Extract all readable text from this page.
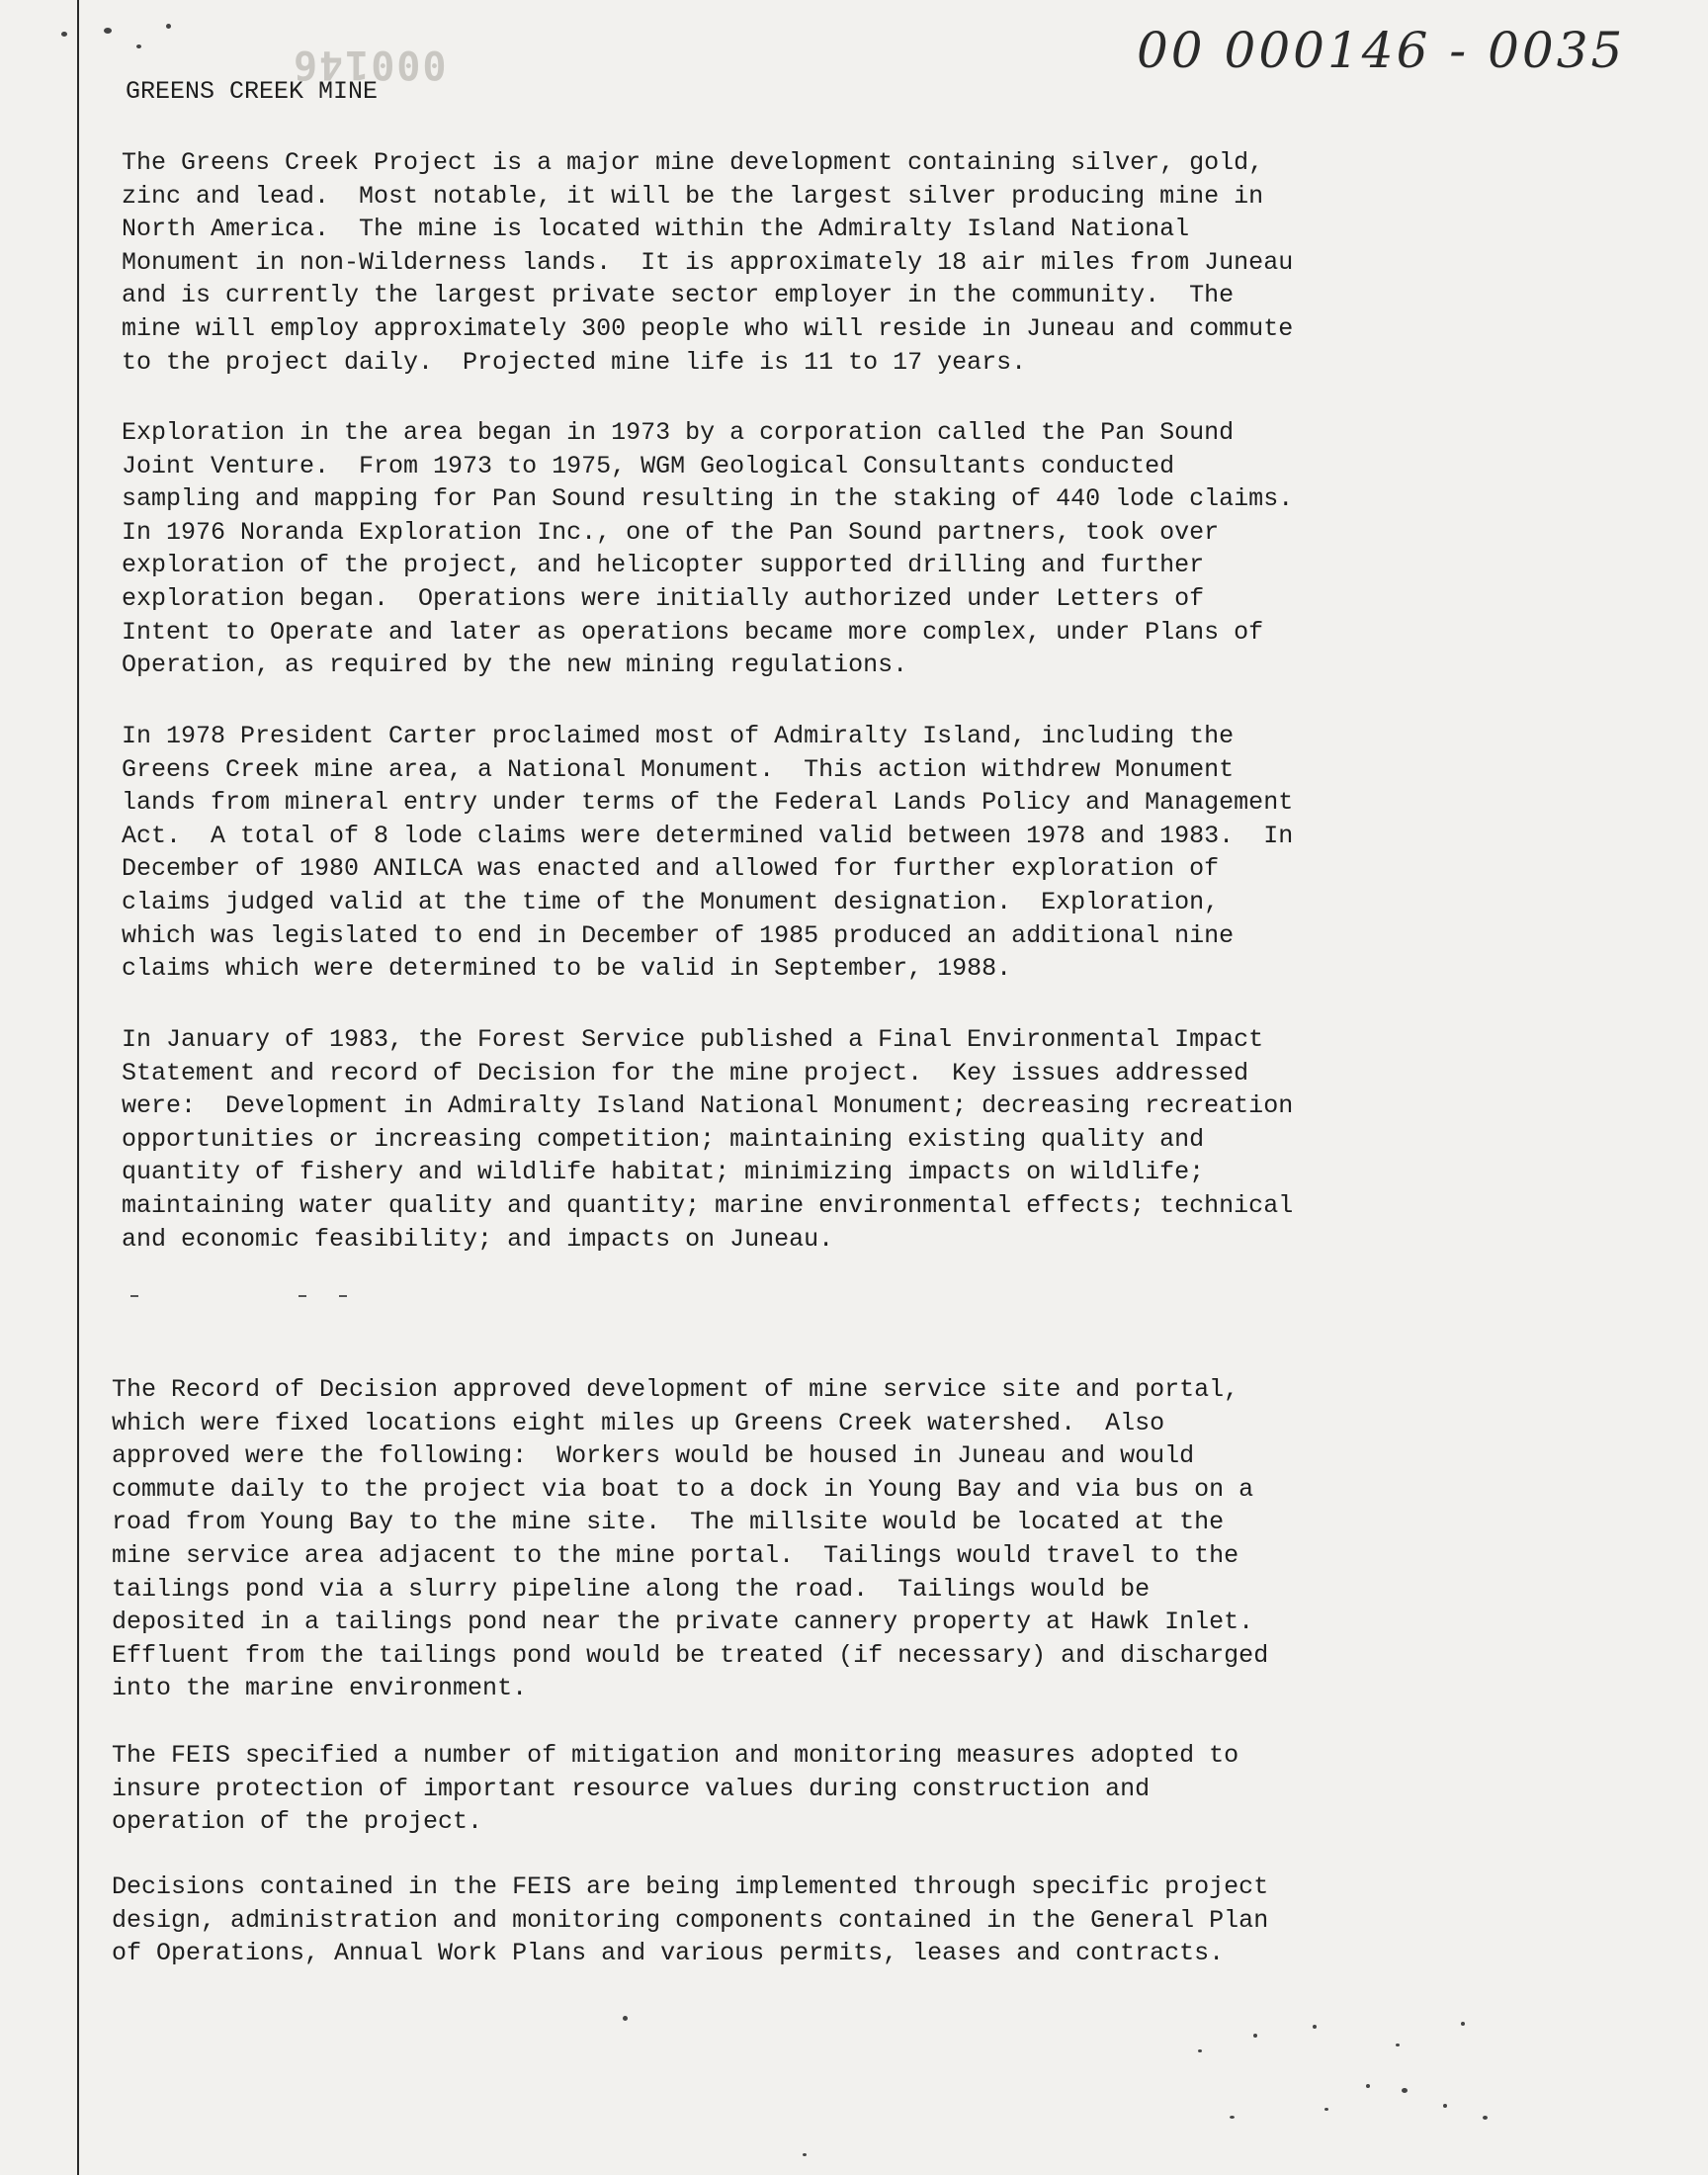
000146	00 000146 - 0035
GREENS CREEK MINE

The Greens Creek Project is a major mine development containing silver, gold,
zinc and lead.  Most notable, it will be the largest silver producing mine in
North America.  The mine is located within the Admiralty Island National
Monument in non-Wilderness lands.  It is approximately 18 air miles from Juneau
and is currently the largest private sector employer in the community.  The
mine will employ approximately 300 people who will reside in Juneau and commute
to the project daily.  Projected mine life is 11 to 17 years.

Exploration in the area began in 1973 by a corporation called the Pan Sound
Joint Venture.  From 1973 to 1975, WGM Geological Consultants conducted
sampling and mapping for Pan Sound resulting in the staking of 440 lode claims.
In 1976 Noranda Exploration Inc., one of the Pan Sound partners, took over
exploration of the project, and helicopter supported drilling and further
exploration began.  Operations were initially authorized under Letters of
Intent to Operate and later as operations became more complex, under Plans of
Operation, as required by the new mining regulations.

In 1978 President Carter proclaimed most of Admiralty Island, including the
Greens Creek mine area, a National Monument.  This action withdrew Monument
lands from mineral entry under terms of the Federal Lands Policy and Management
Act.  A total of 8 lode claims were determined valid between 1978 and 1983.  In
December of 1980 ANILCA was enacted and allowed for further exploration of
claims judged valid at the time of the Monument designation.  Exploration,
which was legislated to end in December of 1985 produced an additional nine
claims which were determined to be valid in September, 1988.

In January of 1983, the Forest Service published a Final Environmental Impact
Statement and record of Decision for the mine project.  Key issues addressed
were:  Development in Admiralty Island National Monument; decreasing recreation
opportunities or increasing competition; maintaining existing quality and
quantity of fishery and wildlife habitat; minimizing impacts on wildlife;
maintaining water quality and quantity; marine environmental effects; technical
and economic feasibility; and impacts on Juneau.

The Record of Decision approved development of mine service site and portal,
which were fixed locations eight miles up Greens Creek watershed.  Also
approved were the following:  Workers would be housed in Juneau and would
commute daily to the project via boat to a dock in Young Bay and via bus on a
road from Young Bay to the mine site.  The millsite would be located at the
mine service area adjacent to the mine portal.  Tailings would travel to the
tailings pond via a slurry pipeline along the road.  Tailings would be
deposited in a tailings pond near the private cannery property at Hawk Inlet.
Effluent from the tailings pond would be treated (if necessary) and discharged
into the marine environment.

The FEIS specified a number of mitigation and monitoring measures adopted to
insure protection of important resource values during construction and
operation of the project.

Decisions contained in the FEIS are being implemented through specific project
design, administration and monitoring components contained in the General Plan
of Operations, Annual Work Plans and various permits, leases and contracts.
